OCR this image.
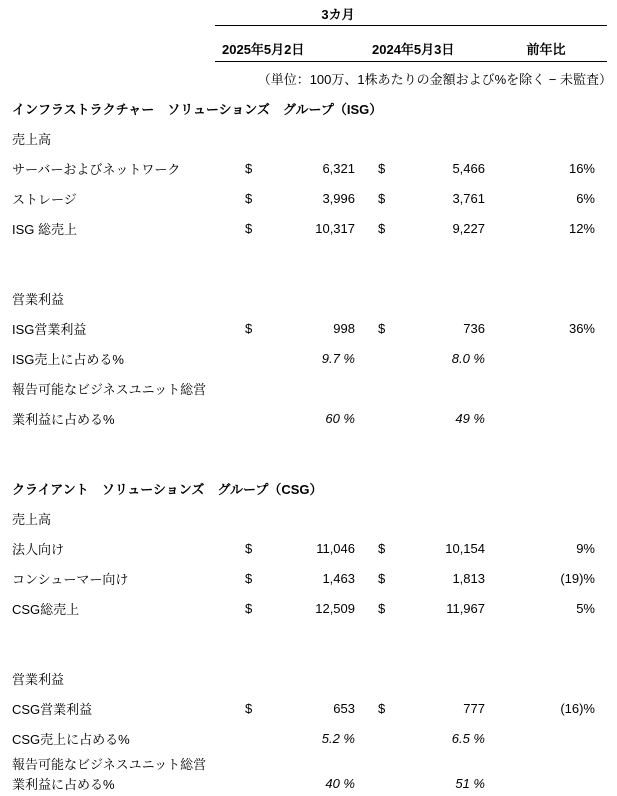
3カ月
2025年5月2日	2024年5月3日	前年比
（単位：100万、1株あたりの金額および%を除く − 未監査）
インフラストラクチャー　ソリューションズ　グループ（ISG）
売上高
サーバーおよびネットワーク	$	6,321 $	5,466	16%
ストレージ	$	3,996 $	3,761	6%
ISG 総売上	$	10,317 $	9,227	12%
営業利益
ISG営業利益	$	998 $	736	36%
ISG売上に占める%	9.7 %	8.0 %
報告可能なビジネスユニット総営
業利益に占める%	60 %	49 %
クライアント　ソリューションズ　グループ（CSG）
売上高
法人向け	$	11,046 $	10,154	9%
コンシューマー向け	$	1,463 $	1,813	(19)%
CSG総売上	$	12,509 $	11,967	5%
営業利益
CSG営業利益	$	653 $	777	(16)%
CSG売上に占める%	5.2 %	6.5 %
報告可能なビジネスユニット総営
業利益に占める%	40 %	51 %
